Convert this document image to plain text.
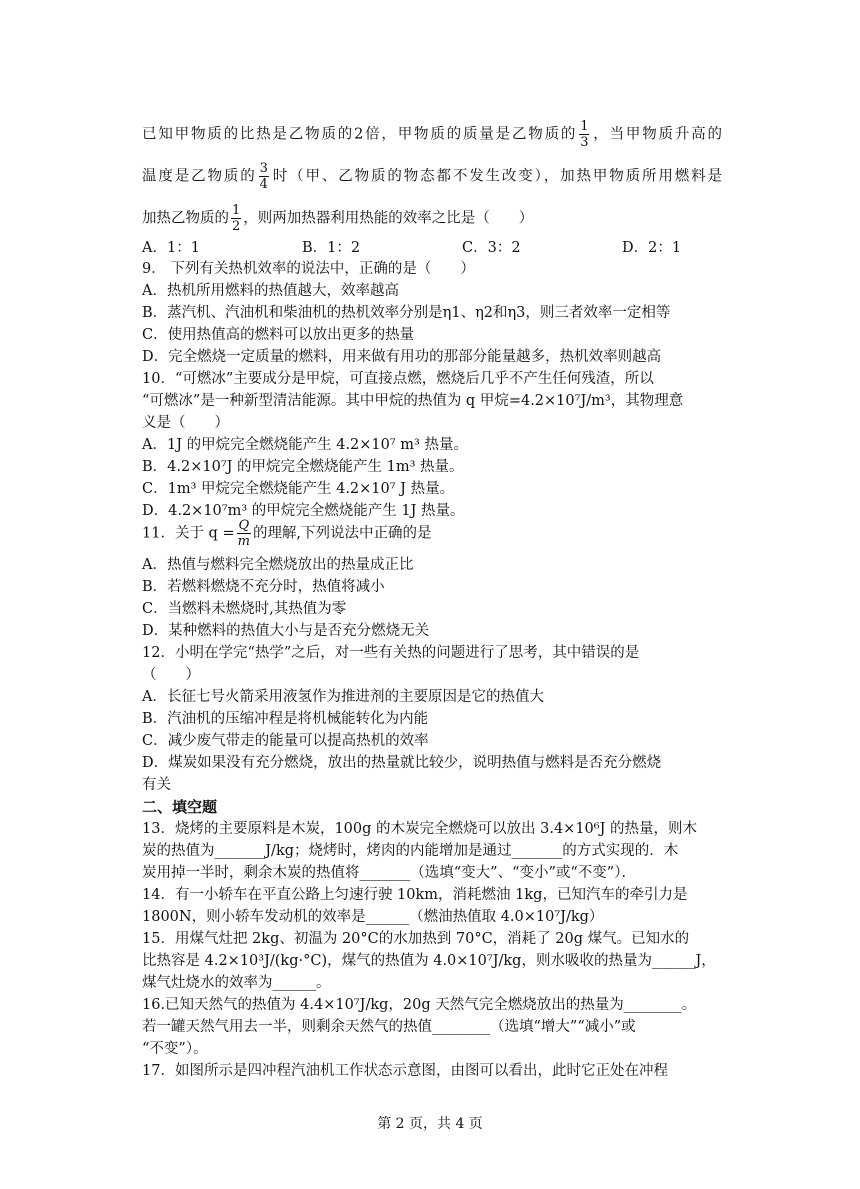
已知甲物质的比热是乙物质的2倍，甲物质的质量是乙物质的 $\frac{1}{3}$ ，当甲物质升高的
温度是乙物质的 $\frac{3}{4}$ 时（甲、乙物质的物态都不发生改变），加热甲物质所用燃料是
加热乙物质的 $\frac{1}{2}$ ，则两加热器利用热能的效率之比是（　　）
A．1：1	B．1：2	C．3：2	D．2：1
9． 下列有关热机效率的说法中，正确的是（　　）
A．热机所用燃料的热值越大，效率越高
B．蒸汽机、汽油机和柴油机的热机效率分别是η1、η2和η3，则三者效率一定相等
C．使用热值高的燃料可以放出更多的热量
D．完全燃烧一定质量的燃料，用来做有用功的那部分能量越多，热机效率则越高
10．“可燃冰”主要成分是甲烷，可直接点燃，燃烧后几乎不产生任何残渣，所以
“可燃冰”是一种新型清洁能源。其中甲烷的热值为 q 甲烷=4.2×10⁷J/m³，其物理意
义是（　　）
A．1J 的甲烷完全燃烧能产生 4.2×10⁷ m³ 热量。
B．4.2×10⁷J 的甲烷完全燃烧能产生 1m³ 热量。
C．1m³ 甲烷完全燃烧能产生 4.2×10⁷ J 热量。
D．4.2×10⁷m³ 的甲烷完全燃烧能产生 1J 热量。
11．关于 $q = \frac{Q}{m}$ 的理解,下列说法中正确的是
A．热值与燃料完全燃烧放出的热量成正比
B．若燃料燃烧不充分时，热值将减小
C．当燃料未燃烧时,其热值为零
D．某种燃料的热值大小与是否充分燃烧无关
12．小明在学完“热学”之后，对一些有关热的问题进行了思考，其中错误的是
（　　）
A．长征七号火箭采用液氢作为推进剂的主要原因是它的热值大
B．汽油机的压缩冲程是将机械能转化为内能
C．减少废气带走的能量可以提高热机的效率
D．煤炭如果没有充分燃烧，放出的热量就比较少，说明热值与燃料是否充分燃烧
有关
二、填空题
13．烧烤的主要原料是木炭，100g 的木炭完全燃烧可以放出 3.4×10⁶J 的热量，则木
炭的热值为_______J/kg；烧烤时，烤肉的内能增加是通过_______的方式实现的．木
炭用掉一半时，剩余木炭的热值将_______（选填“变大”、“变小”或“不变”）．
14．有一小轿车在平直公路上匀速行驶 10km，消耗燃油 1kg，已知汽车的牵引力是
1800N，则小轿车发动机的效率是______（燃油热值取 4.0×10⁷J/kg）
15．用煤气灶把 2kg、初温为 20°C的水加热到 70°C，消耗了 20g 煤气。已知水的
比热容是 4.2×10³J/(kg·°C)，煤气的热值为 4.0×10⁷J/kg，则水吸收的热量为______J，
煤气灶烧水的效率为______。
16.已知天然气的热值为 4.4×10⁷J/kg，20g 天然气完全燃烧放出的热量为________。
若一罐天然气用去一半，则剩余天然气的热值________（选填“增大”“减小”或
“不变”）。
17．如图所示是四冲程汽油机工作状态示意图，由图可以看出，此时它正处在冲程
第 2 页，共 4 页
